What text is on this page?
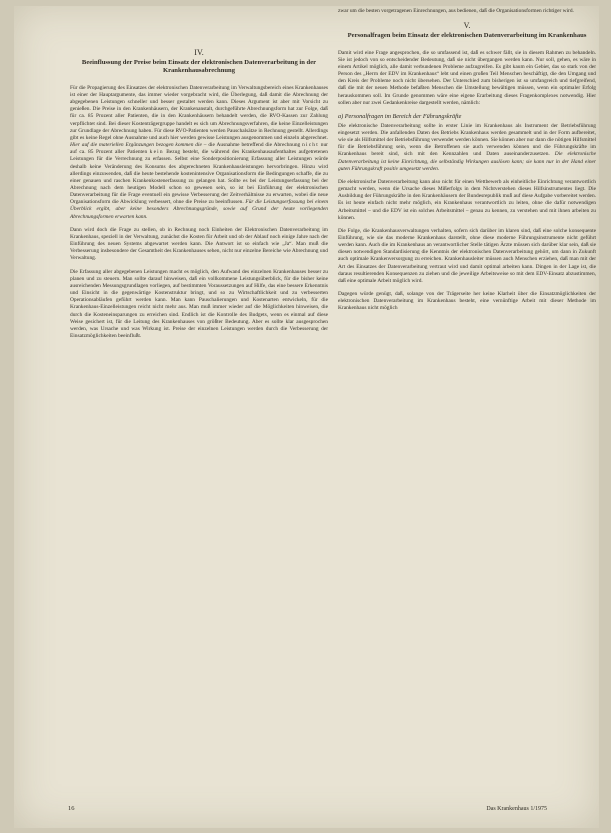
IV.
Beeinflussung der Preise beim Einsatz der elektronischen Datenverarbeitung in der Krankenhausabrechnung

Für die Propagierung des Einsatzes der elektronischen Datenverarbeitung im Verwaltungsbereich eines Krankenhauses ist einer der Hauptargumente, das immer wieder vorgebracht wird, die Überlegung, daß damit die Abrechnung der abgegebenen Leistungen schneller und besser gestaltet werden kann. Dieses Argument ist aber mit Vorsicht zu genießen. Die Preise in den Krankenhäusern, der Krankenanstalt, durchgeführte Abrechnungsform hat zur Folge, daß für ca. 85 Prozent aller Patienten, die in den Krankenhäusern behandelt werden, die RVO-Kassen zur Zahlung verpflichtet sind. Bei dieser Kostenträgergruppe handelt es sich um Abrechnungsverfahren, die keine Einzelleistungen zur Grundlage der Abrechnung haben. Für diese RVO-Patienten werden Pauschalsätze in Rechnung gestellt. Allerdings gibt es keine Regel ohne Ausnahme und auch hier werden gewisse Leistungen ausgenommen und einzeln abgerechnet. Hier auf die materiellen Ergänzungen bezogen kommen die – die Ausnahme betreffend die Abrechnung nicht nur auf ca. 85 Prozent aller Patienten kein Bezug besteht, die während des Krankenhausaufenthaltes aufgetretenen Leistungen für die Verrechnung zu erfassen. Selbst eine Sonderpositionierung Erfassung aller Leistungen würde deshalb keine Veränderung des Konsums des abgerechneten Krankenhausleistungen hervorbringen. Hinzu wird allerdings einzuwenden, daß die heute bestehende kostenintensive Organisationsform die Bedingungen schaffe, die zu einer genauen und raschen Krankenkostenerfassung zu gelangen hat. Sollte es bei der Leistungserfassung bei der Abrechnung nach dem heutigen Modell schon so gewesen sein, so ist bei Einführung der elektronischen Datenverarbeitung für die Frage eventuell ein gewisse Verbesserung der Zeitverhältnisse zu erwarten, wobei die neue Organisationsform die Abwicklung verbessert, ohne die Preise zu beeinflussen. Für die Leistungserfassung bei einem Überblick ergibt, aber keine besonders Abrechnungsgründe, sowie auf Grund der heute vorliegenden Abrechnungsformen erwarten kann.

Dann wird doch die Frage zu stellen, ob in Rechnung noch Einheiten der Elektronischen Datenverarbeitung im Krankenhaus, speziell in der Verwaltung, zunächst die Kosten für Arbeit und ob der Ablauf noch einige Jahre nach der Einführung des neuen Systems abgewartet werden kann. Die Antwort ist so einfach wie „Ja“. Man muß die Verbesserung insbesondere der Gesamtheit des Krankenhauses sehen, nicht nur einzelne Bereiche wie Abrechnung und Verwaltung.

Die Erfassung aller abgegebenen Leistungen macht es möglich, den Aufwand des einzelnen Krankenhauses besser zu planen und zu steuern. Man sollte darauf hinweisen, daß ein vollkommene Leistungsüberblick, für die bisher keine ausreichenden Messungsgrundlagen vorliegen, auf bestimmten Voraussetzungen auf Hilfe, das eine bessere Erkenntnis und Einsicht in die gegenwärtige Kostenstruktur bringt, und so zu Wirtschaftlichkeit und zu verbesserten Operationsabläufen geführt werden kann. Man kann Pauschalierungen und Kostenarten entwickeln, für die Krankenhaus-Einzelleistungen reicht nicht mehr aus. Man muß immer wieder auf die Möglichkeiten hinweisen, die durch die Kosteneinsparungen zu erreichen sind. Endlich ist die Kontrolle des Budgets, wenn es einmal auf diese Weise gesichert ist, für die Leitung des Krankenhauses von größter Bedeutung. Aber es sollte klar ausgesprochen werden, was Ursache und was Wirkung ist. Preise der einzelnen Leistungen werden durch die Verbesserung der Einsatzmöglichkeiten beeinflußt.

zwar um die besten vorgetragenen Einrechnungen, aus bedienen, daß die Organisationsformen richtiger wird.

V.
Personalfragen beim Einsatz der elektronischen Datenverarbeitung im Krankenhaus

Damit wird eine Frage angesprochen, die so umfassend ist, daß es schwer fällt, sie in diesem Rahmen zu behandeln. Sie ist jedoch von so entscheidender Bedeutung, daß sie nicht übergangen werden kann. Nur soll, gehen, es wäre in einem Artikel möglich, alle damit verbundenen Probleme aufzugreifen. Es gibt kaum ein Gebiet, das so stark von der Person des „Herrn der EDV im Krankenhaus“ lebt und einen großen Teil Menschen beschäftigt, die den Umgang und den Kreis der Probleme noch nicht übersehen. Der Unterschied zum bisherigen ist so umfangreich und tiefgreifend, daß die mit der neuen Methode befaßten Menschen die Umstellung bewältigen müssen, wenn ein optimaler Erfolg herauskommen soll. Im Grunde genommen wäre eine eigene Erarbeitung dieses Fragenkomplexes notwendig. Hier sollen aber nur zwei Gedankenkreise dargestellt werden, nämlich:

a) Personalfragen im Bereich der Führungskräfte

Die elektronische Datenverarbeitung sollte in erster Linie im Krankenhaus als Instrument der Betriebsführung eingesetzt werden. Die anfallenden Daten des Betriebs Krankenhaus werden gesammelt und in der Form aufbereitet, wie sie als Hilfsmittel der Betriebsführung verwendet werden können. Sie können aber nur dann die nötigen Hilfsmittel für die Betriebsführung sein, wenn die Betroffenen sie auch verwenden können und die Führungskräfte im Krankenhaus bereit sind, sich mit den Kennzahlen und Daten auseinanderzusetzen. Die elektronische Datenverarbeitung ist keine Einrichtung, die selbständig Wirkungen auslösen kann; sie kann nur in der Hand einer guten Führungskraft positiv umgesetzt werden.

Die elektronische Datenverarbeitung kann also nicht für einen Wettbewerb als einheitliche Einrichtung verantwortlich gemacht werden, wenn die Ursache dieses Mißerfolgs in dem Nichtverstehen dieses Hilfsinstrumentes liegt. Die Ausbildung der Führungskräfte in den Krankenhäusern der Bundesrepublik muß auf diese Aufgabe vorbereitet werden. Es ist heute einfach nicht mehr möglich, ein Krankenhaus verantwortlich zu leiten, ohne die dafür notwendigen Arbeitsmittel – und die EDV ist ein solches Arbeitsmittel – genau zu kennen, zu verstehen und mit ihnen arbeiten zu können.

Die Folge, die Krankenhausverwaltungen verhalten, sofern sich darüber im klaren sind, daß eine solche konsequente Einführung, wie sie das moderne Krankenhaus darstellt, ohne diese moderne Führungsinstrumente nicht geführt werden kann. Auch die im Krankenhaus an verantwortlicher Stelle tätigen Ärzte müssen sich darüber klar sein, daß sie diesen notwendigen Standardisierung die Kenntnis der elektronischen Datenverarbeitung gehört, um dann in Zukunft auch optimale Krankenversorgung zu erreichen. Krankenhausleiter müssen auch Menschen erziehen, daß man mit der Art des Einsatzes der Datenverarbeitung vertraut wird und damit optimal arbeiten kann. Dingen in der Lage ist, die daraus resultierenden Konsequenzen zu ziehen und die jeweilige Arbeitsweise so mit dem EDV-Einsatz abzustimmen, daß eine optimale Arbeit möglich wird.

Dagegen würde genügt, daß, solange von der Trägerseite her keine Klarheit über die Einsatzmöglichkeiten der elektronischen Datenverarbeitung im Krankenhaus besteht, eine vernünftige Arbeit mit dieser Methode im Krankenhaus nicht möglich

16	Das Krankenhaus 1/1975
